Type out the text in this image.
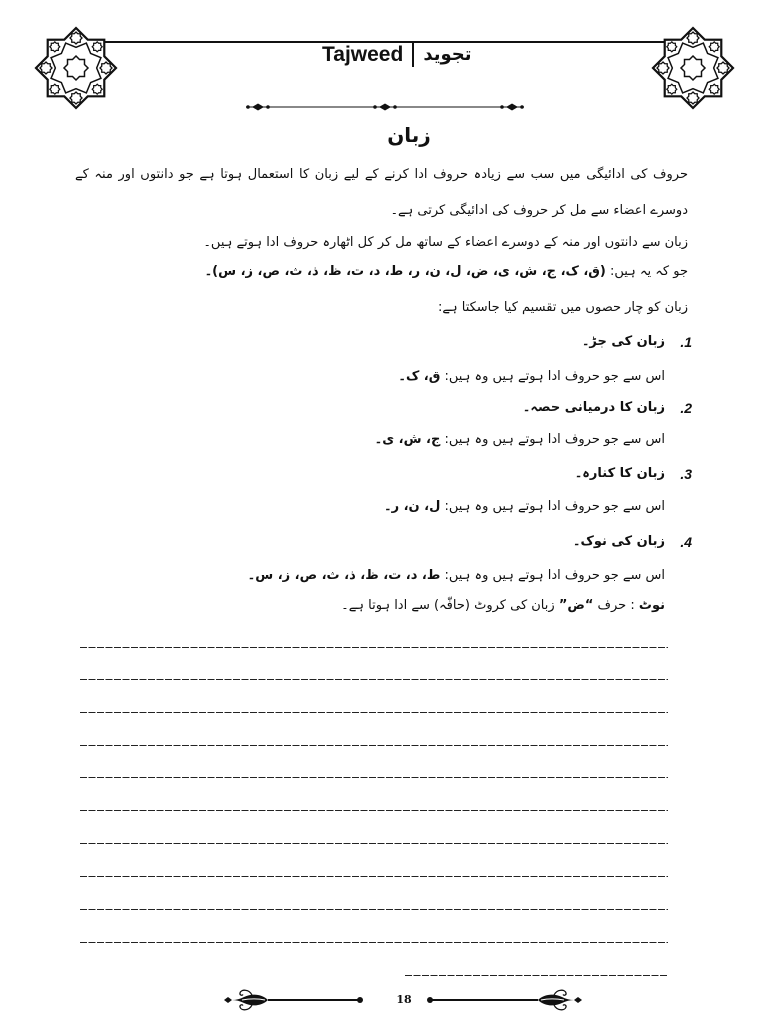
Tajweed تجوید
زبان
حروف کی ادائیگی میں سب سے زیادہ حروف ادا کرنے کے لیے زبان کا استعمال ہوتا ہے جو دانتوں اور منہ کے دوسرے اعضاء سے مل کر حروف کی ادائیگی کرتی ہے۔
زبان سے دانتوں اور منہ کے دوسرے اعضاء کے ساتھ مل کر کل اٹھارہ حروف ادا ہوتے ہیں۔
جو کہ یہ ہیں: (ق، ک، ج، ش، ی، ض، ل، ن، ر، ط، د، ت، ظ، ذ، ث، ص، ز، س)۔
زبان کو چار حصوں میں تقسیم کیا جاسکتا ہے:
1.
زبان کی جڑ۔
اس سے جو حروف ادا ہوتے ہیں وہ ہیں: ق، ک۔
2.
زبان کا درمیانی حصہ۔
اس سے جو حروف ادا ہوتے ہیں وہ ہیں: ج، ش، ی۔
3.
زبان کا کنارہ۔
اس سے جو حروف ادا ہوتے ہیں وہ ہیں: ل، ن، ر۔
4.
زبان کی نوک۔
اس سے جو حروف ادا ہوتے ہیں وہ ہیں: ط، د، ت، ظ، ذ، ث، ص، ز، س۔
نوٹ : حرف “ض” زبان کی کروٹ (حافّہ) سے ادا ہوتا ہے۔
18
